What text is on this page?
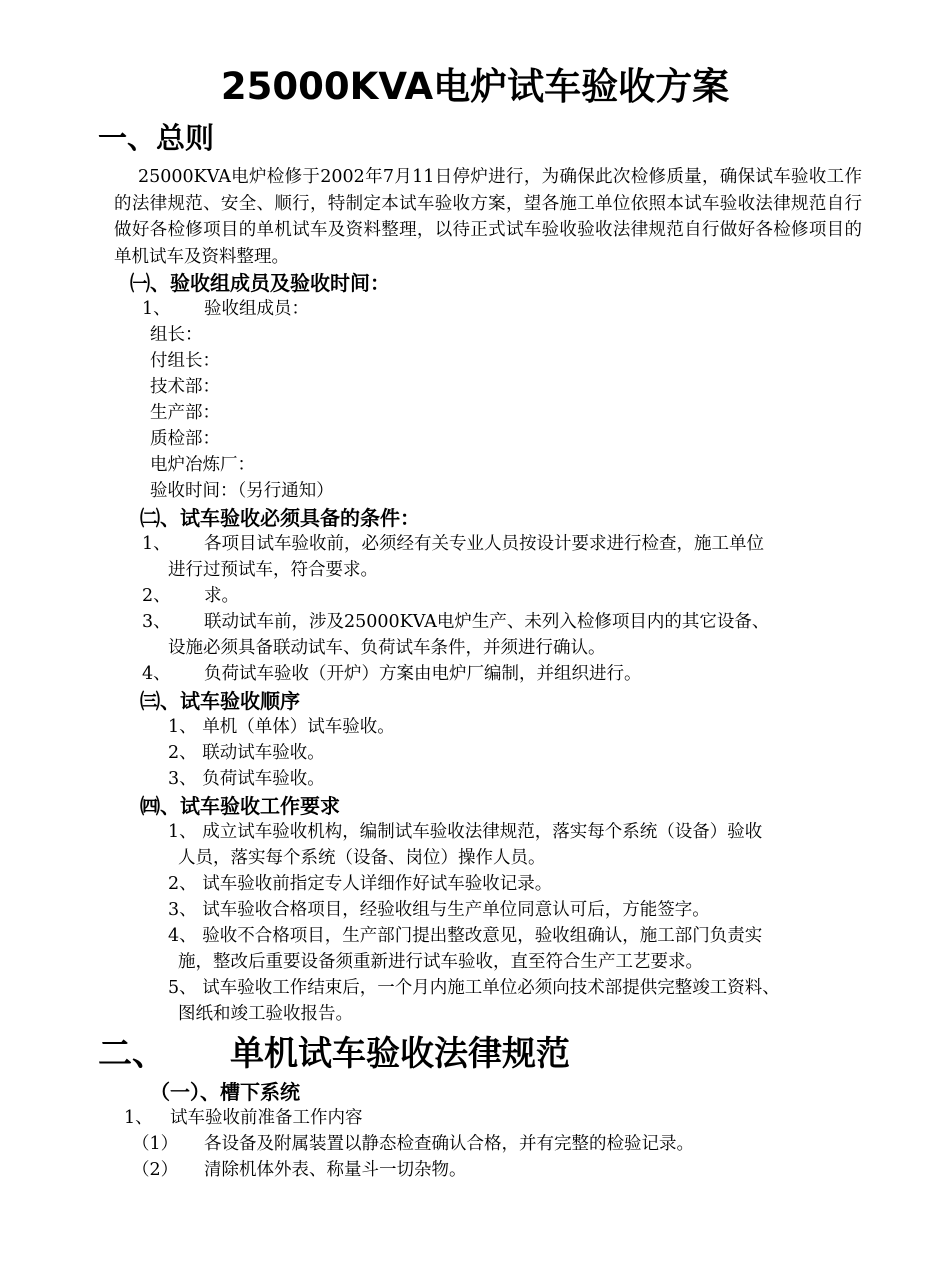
25000KVA电炉试车验收方案
一、总则
25000KVA电炉检修于2002年7月11日停炉进行，为确保此次检修质量，确保试车验收工作的法律规范、安全、顺行，特制定本试车验收方案，望各施工单位依照本试车验收法律规范自行做好各检修项目的单机试车及资料整理，以待正式试车验收验收法律规范自行做好各检修项目的单机试车及资料整理。
㈠、验收组成员及验收时间：
1、 验收组成员：
组长：
付组长：
技术部：
生产部：
质检部：
电炉冶炼厂：
验收时间：（另行通知）
㈡、试车验收必须具备的条件：
1、 各项目试车验收前，必须经有关专业人员按设计要求进行检查，施工单位
进行过预试车，符合要求。
2、 求。
3、 联动试车前，涉及25000KVA电炉生产、未列入检修项目内的其它设备、
设施必须具备联动试车、负荷试车条件，并须进行确认。
4、 负荷试车验收（开炉）方案由电炉厂编制，并组织进行。
㈢、试车验收顺序
1、 单机（单体）试车验收。
2、 联动试车验收。
3、 负荷试车验收。
㈣、试车验收工作要求
1、 成立试车验收机构，编制试车验收法律规范，落实每个系统（设备）验收
人员，落实每个系统（设备、岗位）操作人员。
2、 试车验收前指定专人详细作好试车验收记录。
3、 试车验收合格项目，经验收组与生产单位同意认可后，方能签字。
4、 验收不合格项目，生产部门提出整改意见，验收组确认，施工部门负责实
施，整改后重要设备须重新进行试车验收，直至符合生产工艺要求。
5、 试车验收工作结束后，一个月内施工单位必须向技术部提供完整竣工资料、
图纸和竣工验收报告。
二、 单机试车验收法律规范
（一）、槽下系统
1、 试车验收前准备工作内容
（1） 各设备及附属装置以静态检查确认合格，并有完整的检验记录。
（2） 清除机体外表、称量斗一切杂物。
